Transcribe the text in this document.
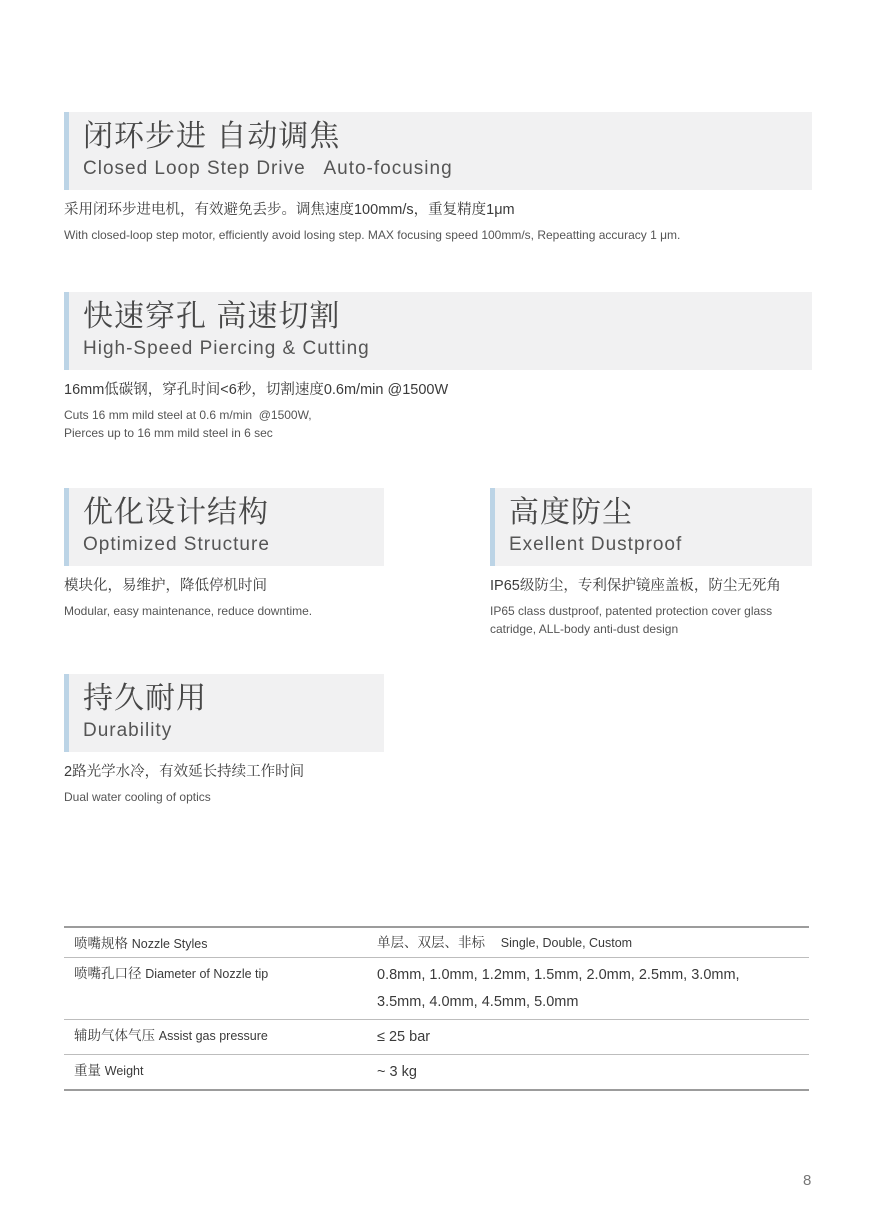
闭环步进 自动调焦
Closed Loop Step Drive   Auto-focusing
采用闭环步进电机，有效避免丢步。调焦速度100mm/s，重复精度1μm
With closed-loop step motor, efficiently avoid losing step. MAX focusing speed 100mm/s, Repeatting accuracy 1 μm.
快速穿孔 高速切割
High-Speed Piercing & Cutting
16mm低碳钢，穿孔时间<6秒，切割速度0.6m/min @1500W
Cuts 16 mm mild steel at 0.6 m/min  @1500W,
Pierces up to 16 mm mild steel in 6 sec
优化设计结构
Optimized Structure
模块化，易维护，降低停机时间
Modular, easy maintenance, reduce downtime.
高度防尘
Exellent Dustproof
IP65级防尘，专利保护镜座盖板，防尘无死角
IP65 class dustproof, patented protection cover glass
catridge, ALL-body anti-dust design
持久耐用
Durability
2路光学水冷，有效延长持续工作时间
Dual water cooling of optics
喷嘴规格 Nozzle Styles	单层、双层、非标 Single, Double, Custom
喷嘴孔口径 Diameter of Nozzle tip	0.8mm, 1.0mm, 1.2mm, 1.5mm, 2.0mm, 2.5mm, 3.0mm,
3.5mm, 4.0mm, 4.5mm, 5.0mm

辅助气体气压 Assist gas pressure	≤ 25 bar
重量 Weight	~ 3 kg
8
